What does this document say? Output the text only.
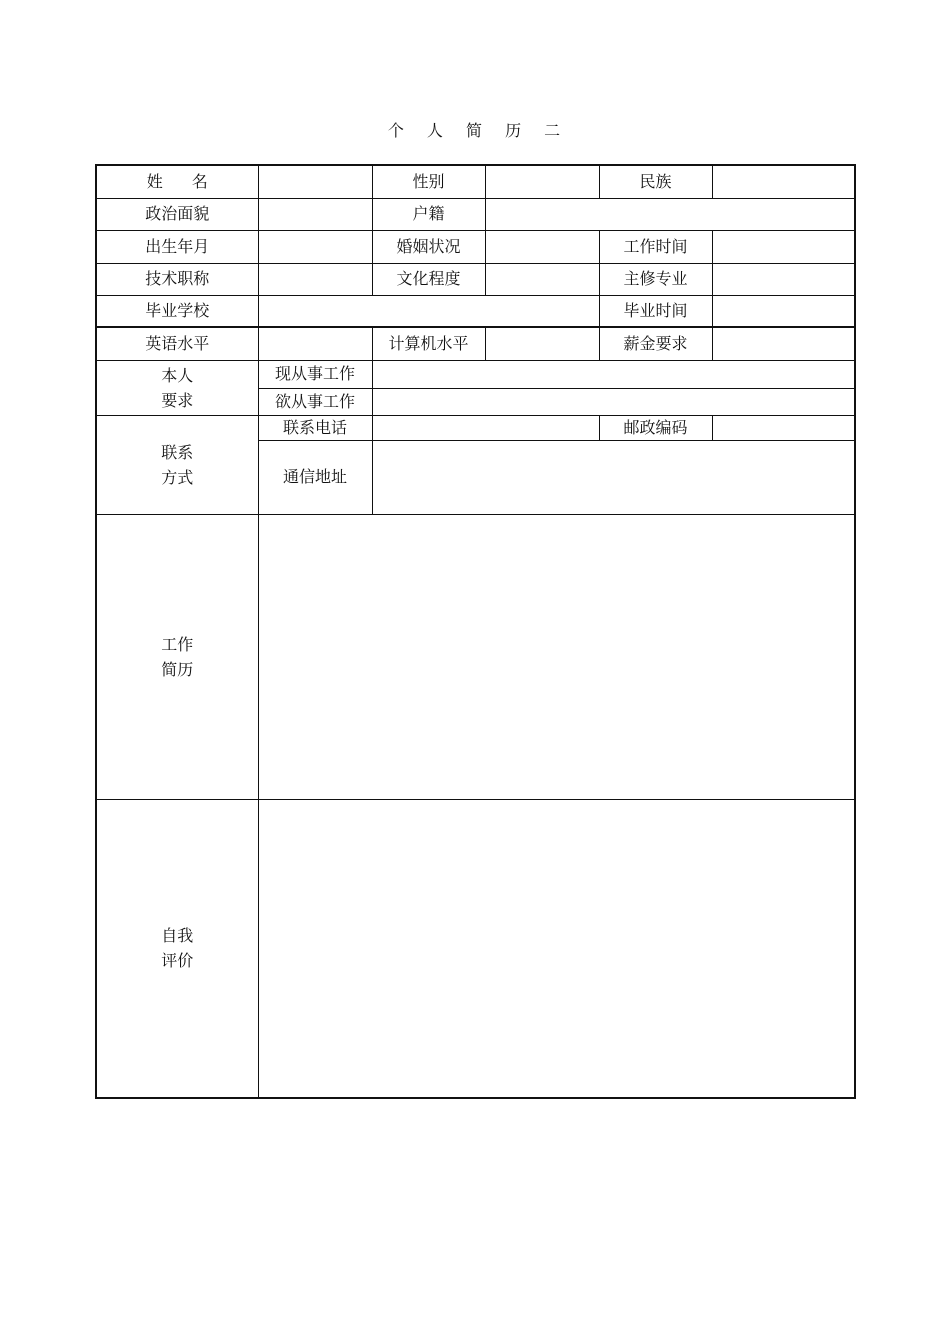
个 人 简 历 二
姓 名		性别		民族	
政治面貌		户籍			
出生年月		婚姻状况		工作时间	
技术职称		文化程度		主修专业	
毕业学校				毕业时间	
英语水平		计算机水平		薪金要求	

本人
要求	现从事工作				
	欲从事工作				

联系
方式	联系电话			邮政编码	
	通信地址				

工作
简历					

自我
评价					
